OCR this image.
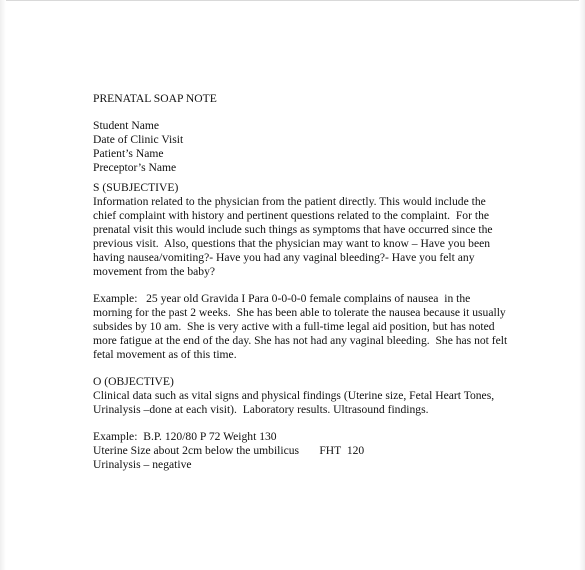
PRENATAL SOAP NOTE
Student Name
Date of Clinic Visit
Patient’s Name
Preceptor’s Name
S (SUBJECTIVE)
Information related to the physician from the patient directly. This would include the
chief complaint with history and pertinent questions related to the complaint.  For the
prenatal visit this would include such things as symptoms that have occurred since the
previous visit.  Also, questions that the physician may want to know – Have you been
having nausea/vomiting?- Have you had any vaginal bleeding?- Have you felt any
movement from the baby?
Example:   25 year old Gravida I Para 0-0-0-0 female complains of nausea  in the
morning for the past 2 weeks.  She has been able to tolerate the nausea because it usually
subsides by 10 am.  She is very active with a full-time legal aid position, but has noted
more fatigue at the end of the day. She has not had any vaginal bleeding.  She has not felt
fetal movement as of this time.
O (OBJECTIVE)
Clinical data such as vital signs and physical findings (Uterine size, Fetal Heart Tones,
Urinalysis –done at each visit).  Laboratory results. Ultrasound findings.
Example:  B.P. 120/80 P 72 Weight 130
Uterine Size about 2cm below the umbilicus       FHT  120
Urinalysis – negative
